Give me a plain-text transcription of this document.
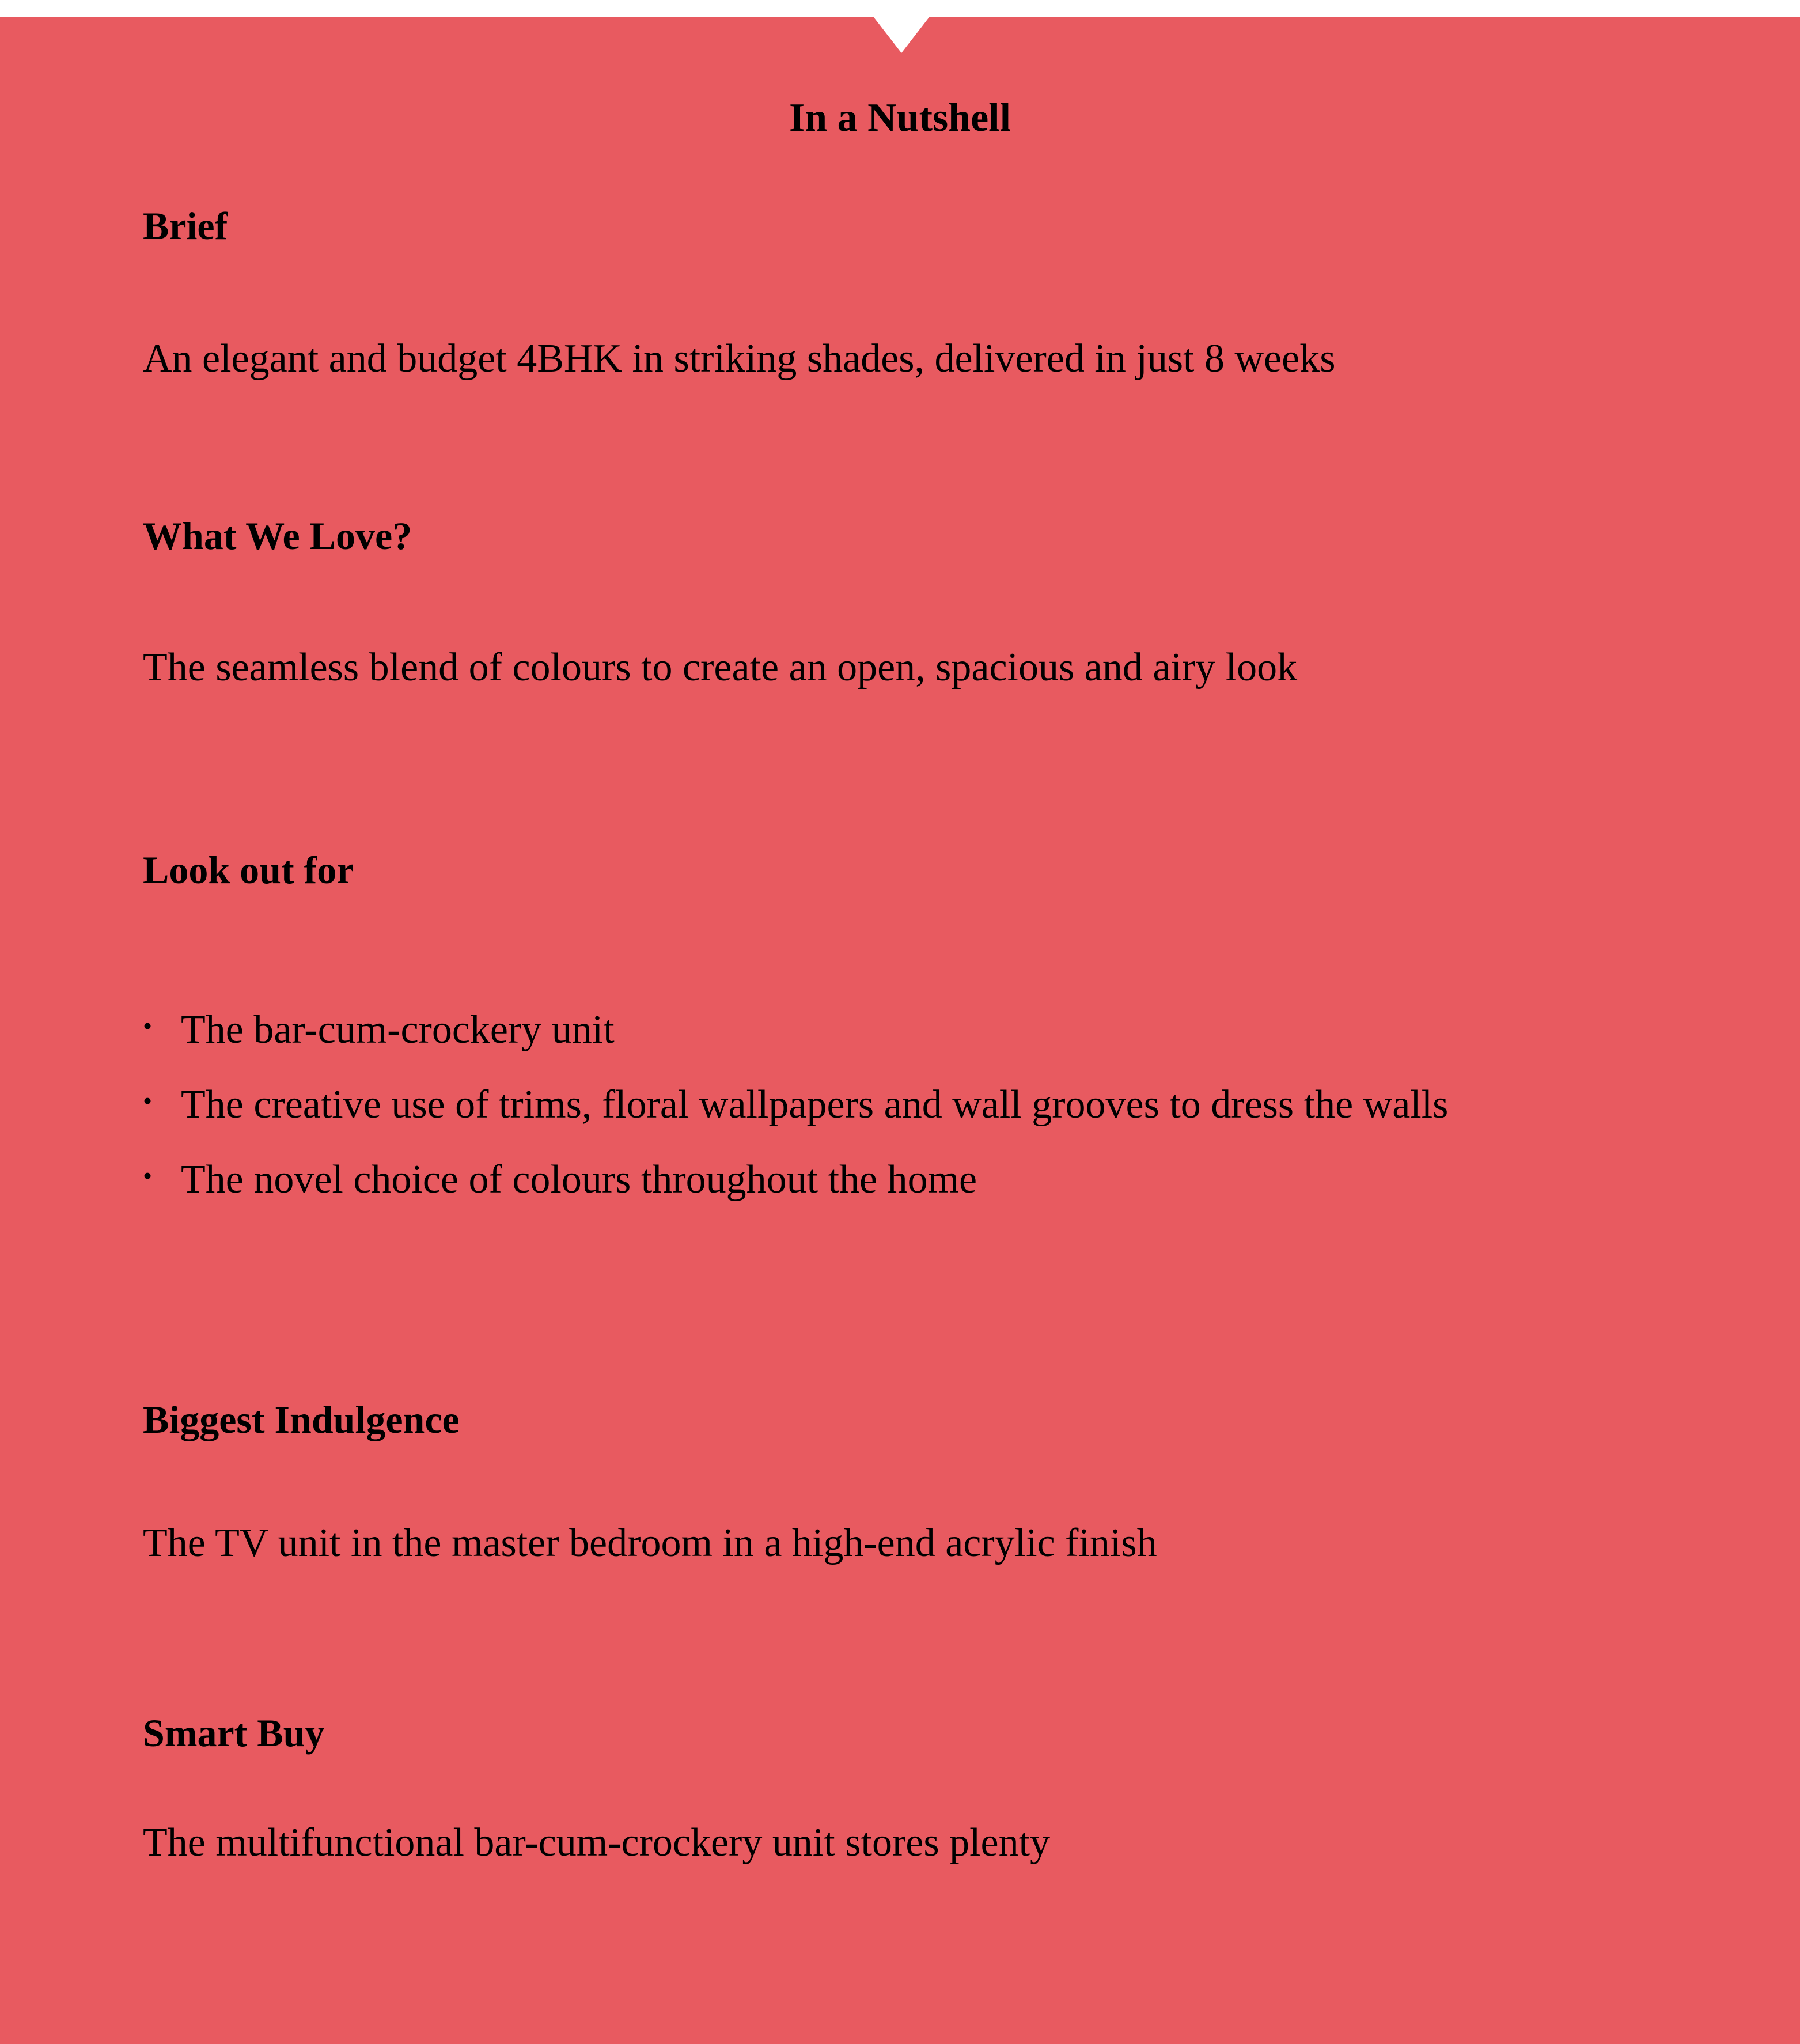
In a Nutshell
Brief
An elegant and budget 4BHK in striking shades, delivered in just 8 weeks
What We Love?
The seamless blend of colours to create an open, spacious and airy look
Look out for
• The bar-cum-crockery unit
• The creative use of trims, floral wallpapers and wall grooves to dress the walls
• The novel choice of colours throughout the home
Biggest Indulgence
The TV unit in the master bedroom in a high-end acrylic finish
Smart Buy
The multifunctional bar-cum-crockery unit stores plenty
